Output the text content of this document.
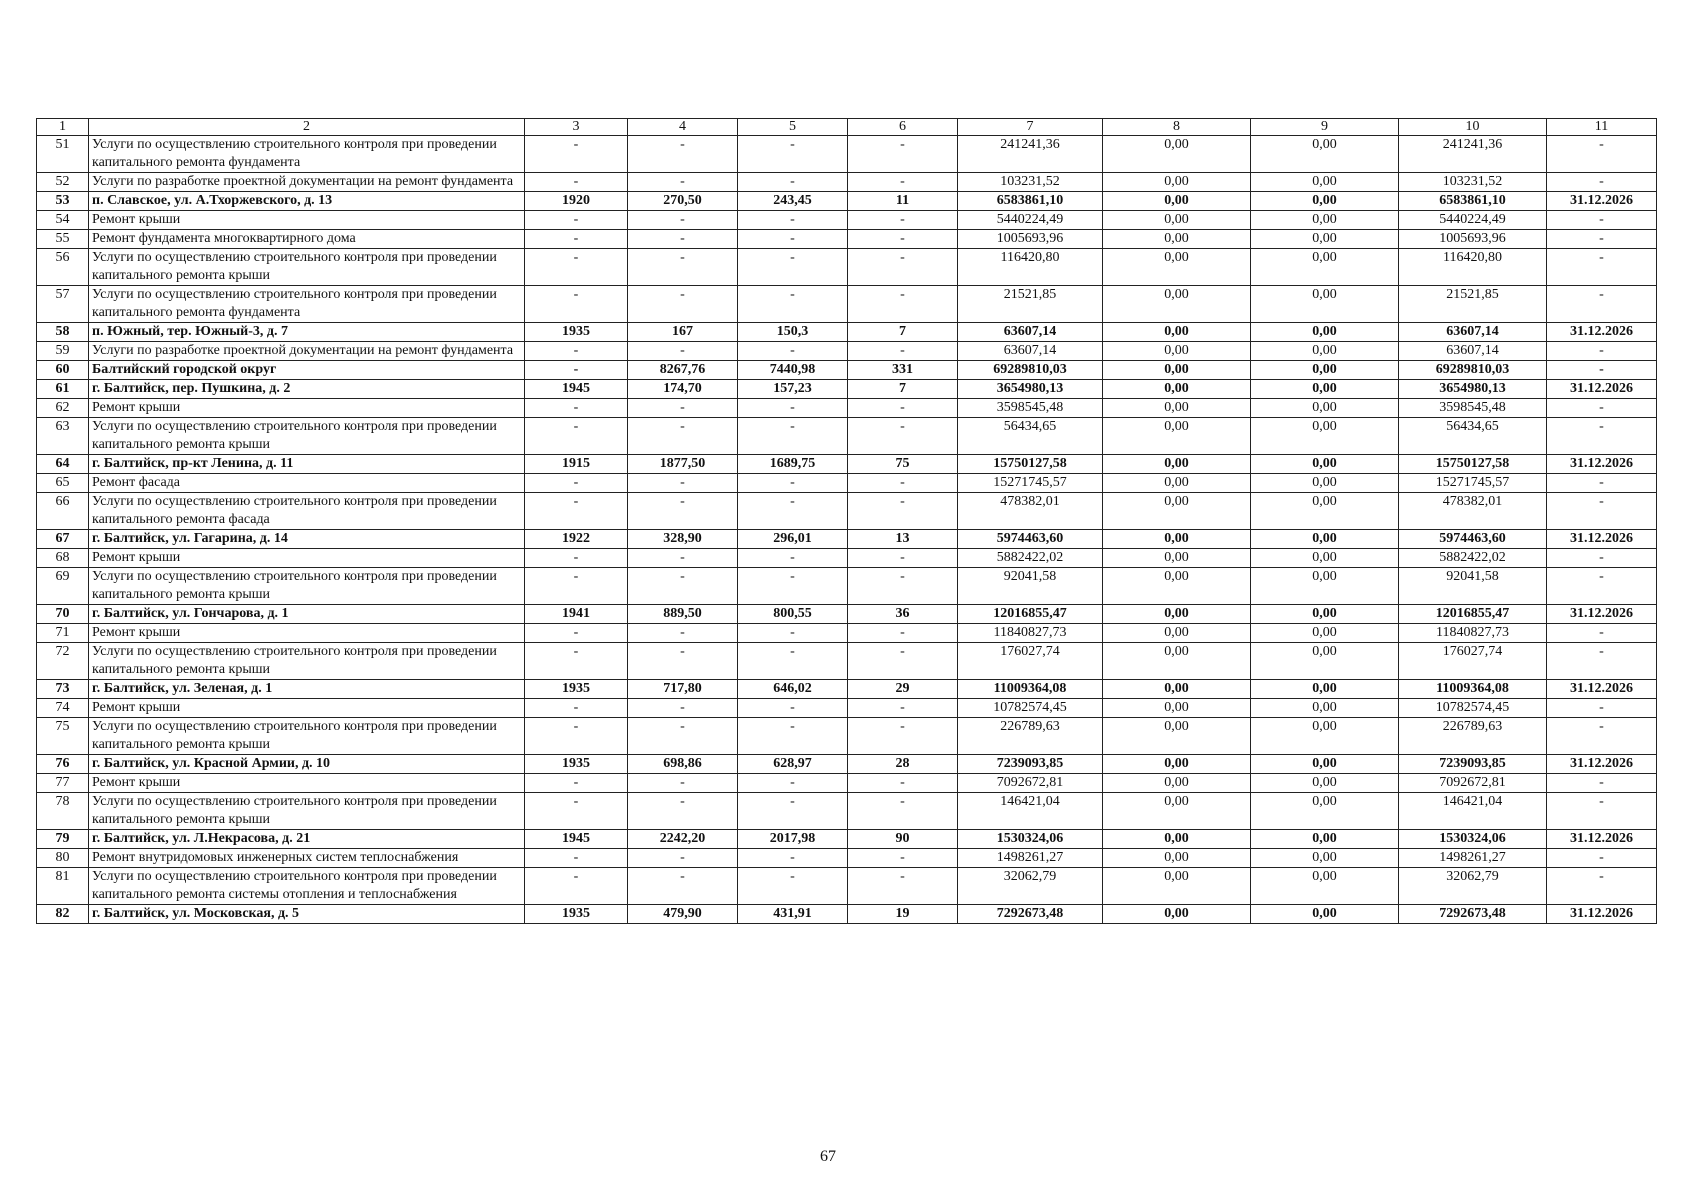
1	2	3	4	5	6	7	8	9	10	11
51	Услуги по осуществлению строительного контроля при проведении капитального ремонта фундамента	-	-	-	-	241241,36	0,00	0,00	241241,36	-
52	Услуги по разработке проектной документации на ремонт фундамента	-	-	-	-	103231,52	0,00	0,00	103231,52	-
53	п. Славское, ул. А.Тхоржевского, д. 13	1920	270,50	243,45	11	6583861,10	0,00	0,00	6583861,10	31.12.2026
54	Ремонт крыши	-	-	-	-	5440224,49	0,00	0,00	5440224,49	-
55	Ремонт фундамента многоквартирного дома	-	-	-	-	1005693,96	0,00	0,00	1005693,96	-
56	Услуги по осуществлению строительного контроля при проведении капитального ремонта крыши	-	-	-	-	116420,80	0,00	0,00	116420,80	-
57	Услуги по осуществлению строительного контроля при проведении капитального ремонта фундамента	-	-	-	-	21521,85	0,00	0,00	21521,85	-
58	п. Южный, тер. Южный-3, д. 7	1935	167	150,3	7	63607,14	0,00	0,00	63607,14	31.12.2026
59	Услуги по разработке проектной документации на ремонт фундамента	-	-	-	-	63607,14	0,00	0,00	63607,14	-
60	Балтийский городской округ	-	8267,76	7440,98	331	69289810,03	0,00	0,00	69289810,03	-
61	г. Балтийск, пер. Пушкина, д. 2	1945	174,70	157,23	7	3654980,13	0,00	0,00	3654980,13	31.12.2026
62	Ремонт крыши	-	-	-	-	3598545,48	0,00	0,00	3598545,48	-
63	Услуги по осуществлению строительного контроля при проведении капитального ремонта крыши	-	-	-	-	56434,65	0,00	0,00	56434,65	-
64	г. Балтийск, пр-кт Ленина, д. 11	1915	1877,50	1689,75	75	15750127,58	0,00	0,00	15750127,58	31.12.2026
65	Ремонт фасада	-	-	-	-	15271745,57	0,00	0,00	15271745,57	-
66	Услуги по осуществлению строительного контроля при проведении капитального ремонта фасада	-	-	-	-	478382,01	0,00	0,00	478382,01	-
67	г. Балтийск, ул. Гагарина, д. 14	1922	328,90	296,01	13	5974463,60	0,00	0,00	5974463,60	31.12.2026
68	Ремонт крыши	-	-	-	-	5882422,02	0,00	0,00	5882422,02	-
69	Услуги по осуществлению строительного контроля при проведении капитального ремонта крыши	-	-	-	-	92041,58	0,00	0,00	92041,58	-
70	г. Балтийск, ул. Гончарова, д. 1	1941	889,50	800,55	36	12016855,47	0,00	0,00	12016855,47	31.12.2026
71	Ремонт крыши	-	-	-	-	11840827,73	0,00	0,00	11840827,73	-
72	Услуги по осуществлению строительного контроля при проведении капитального ремонта крыши	-	-	-	-	176027,74	0,00	0,00	176027,74	-
73	г. Балтийск, ул. Зеленая, д. 1	1935	717,80	646,02	29	11009364,08	0,00	0,00	11009364,08	31.12.2026
74	Ремонт крыши	-	-	-	-	10782574,45	0,00	0,00	10782574,45	-
75	Услуги по осуществлению строительного контроля при проведении капитального ремонта крыши	-	-	-	-	226789,63	0,00	0,00	226789,63	-
76	г. Балтийск, ул. Красной Армии, д. 10	1935	698,86	628,97	28	7239093,85	0,00	0,00	7239093,85	31.12.2026
77	Ремонт крыши	-	-	-	-	7092672,81	0,00	0,00	7092672,81	-
78	Услуги по осуществлению строительного контроля при проведении капитального ремонта крыши	-	-	-	-	146421,04	0,00	0,00	146421,04	-
79	г. Балтийск, ул. Л.Некрасова, д. 21	1945	2242,20	2017,98	90	1530324,06	0,00	0,00	1530324,06	31.12.2026
80	Ремонт внутридомовых инженерных систем теплоснабжения	-	-	-	-	1498261,27	0,00	0,00	1498261,27	-
81	Услуги по осуществлению строительного контроля при проведении капитального ремонта системы отопления и теплоснабжения	-	-	-	-	32062,79	0,00	0,00	32062,79	-
82	г. Балтийск, ул. Московская, д. 5	1935	479,90	431,91	19	7292673,48	0,00	0,00	7292673,48	31.12.2026
67
